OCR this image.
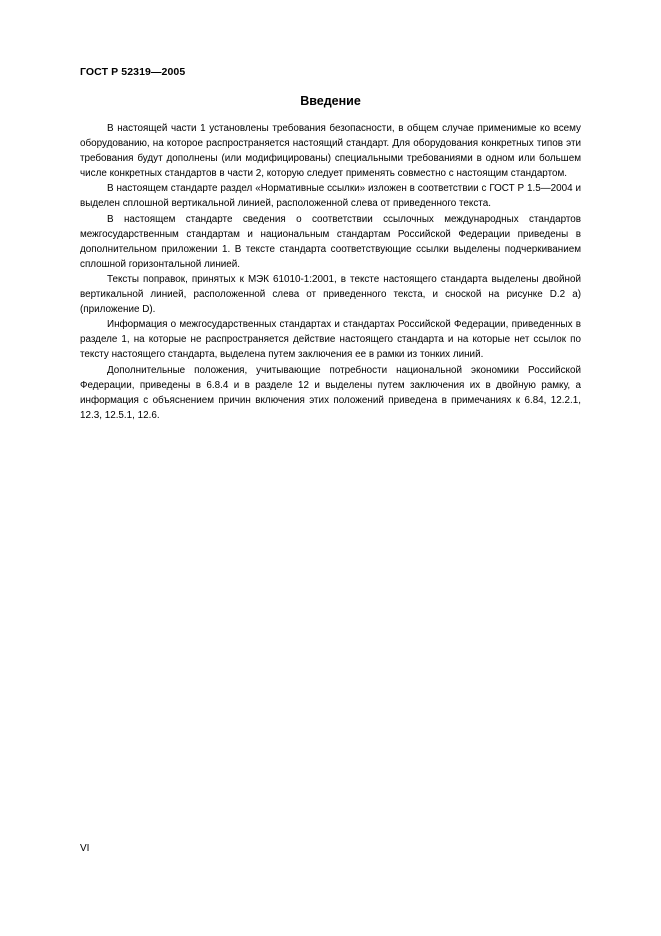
ГОСТ Р 52319—2005
Введение

В настоящей части 1 установлены требования безопасности, в общем случае применимые ко всему оборудованию, на которое распространяется настоящий стандарт. Для оборудования конкретных типов эти требования будут дополнены (или модифицированы) специальными требованиями в одном или большем числе конкретных стандартов в части 2, которую следует применять совместно с настоящим стандартом.

В настоящем стандарте раздел «Нормативные ссылки» изложен в соответствии с ГОСТ Р 1.5—2004 и выделен сплошной вертикальной линией, расположенной слева от приведенного текста.

В настоящем стандарте сведения о соответствии ссылочных международных стандартов межгосударственным стандартам и национальным стандартам Российской Федерации приведены в дополнительном приложении 1. В тексте стандарта соответствующие ссылки выделены подчеркиванием сплошной горизонтальной линией.

Тексты поправок, принятых к МЭК 61010-1:2001, в тексте настоящего стандарта выделены двойной вертикальной линией, расположенной слева от приведенного текста, и сноской на рисунке D.2 а) (приложение D).

Информация о межгосударственных стандартах и стандартах Российской Федерации, приведенных в разделе 1, на которые не распространяется действие настоящего стандарта и на которые нет ссылок по тексту настоящего стандарта, выделена путем заключения ее в рамки из тонких линий.

Дополнительные положения, учитывающие потребности национальной экономики Российской Федерации, приведены в 6.8.4 и в разделе 12 и выделены путем заключения их в двойную рамку, а информация с объяснением причин включения этих положений приведена в примечаниях к 6.84, 12.2.1, 12.3, 12.5.1, 12.6.

VI
